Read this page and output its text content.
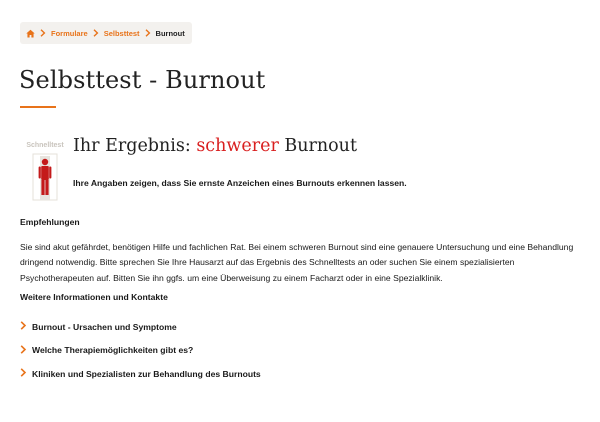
Formulare Selbsttest Burnout
Selbsttest - Burnout
Schnelltest Ihr Ergebnis: schwerer Burnout

Ihre Angaben zeigen, dass Sie ernste Anzeichen eines Burnouts erkennen lassen.

Empfehlungen

Sie sind akut gefährdet, benötigen Hilfe und fachlichen Rat. Bei einem schweren Burnout sind eine genauere Untersuchung und eine Behandlung dringend notwendig. Bitte sprechen Sie Ihre Hausarzt auf das Ergebnis des Schnelltests an oder suchen Sie einem spezialisierten Psychotherapeuten auf. Bitten Sie ihn ggfs. um eine Überweisung zu einem Facharzt oder in eine Spezialklinik.

Weitere Informationen und Kontakte
Burnout - Ursachen und Symptome
Welche Therapiemöglichkeiten gibt es?
Kliniken und Spezialisten zur Behandlung des Burnouts
